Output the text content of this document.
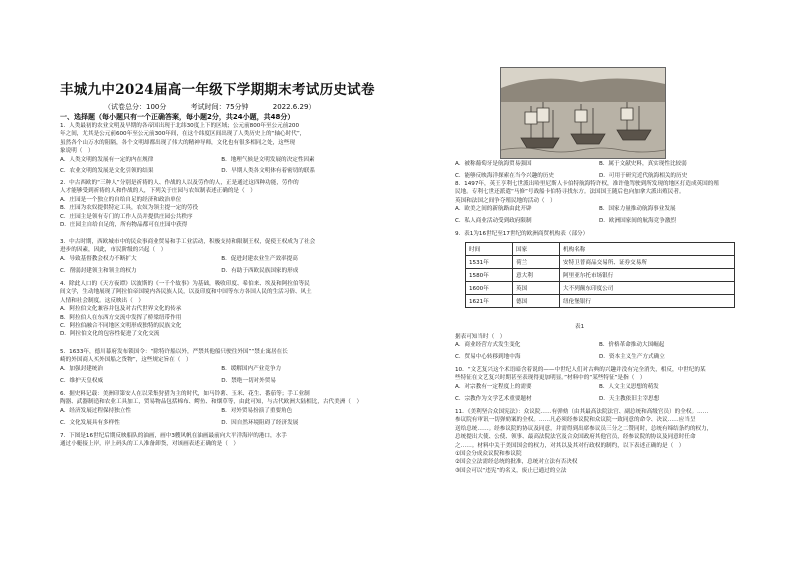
丰城九中2024届高一年级下学期期末考试历史试卷
（试卷总分：100分	考试时间：75分钟	2022.6.29）
一、选择题（每小题只有一个正确答案，每小题2分，共24小题，共48分）
1．人类最初的农业文明及早期的各帝国出现于北纬30度上下的区域；公元前800年至公元前200
年之间，尤其是公元前600年至公元前300年间，在这个纬度区间出现了人类历史上的“轴心时代”，
虽然各个山万水的阻隔，各个文明却都出现了伟大的精神导师，文化也有很多相同之处，这些现
象说明（　）
A．人类文明的发展有一定的内在规律	B．地理气候是文明发展的决定性因素 C．农业文明的发展是文化引领的结果	D．早期人类各文明体有着密切的联系
2．中古西欧的“三种人”分别是祈祷的人、作战的人以及劳作的人，正是通过这四种功能，劳作的
人才能够受到祈祷的人和作战的人，下列关于庄园与农奴制表述正确的是（　）
A．庄园是一个独立的自给自足的经济和政治单位
B．庄园为农奴提供特定工具，农奴为领主提一定的劳役
C．庄园主是领有专门的工作人员并提供庄园公共秩序
D．庄园主自给自足的，所有物品都可在庄园中获得
3．中古时期，西欧城市中的民众事商业贸易和手工业活动，积极支持和限制王权，促使王权成为了社会
进步的因素，因此，市民阶级的兴起（　）
A．导致基督教会权力不断扩大	B．促进封建农业生产效率提高 C．削弱封建领主和领主的权力	D．有助于西欧民族国家的形成
4．除此人口的《天方夜谭》以波斯的《一千个故事》为基础，吸收印度、希伯来、埃及和阿拉伯等民
间文学，生动地展现了阿拉伯帝国境内各民族人民，以及印度和中国等东方各国人民的生活习俗、风土
人情和社会制度。这反映出（　）
A．阿拉伯文化兼容并包及对古代世界文化的传承
B．阿拉伯人在东西方交流中发挥了桥梁纽带作用
C．阿拉伯融合不同地区文明形成独特的民族文化
D．阿拉伯文化的包容性促进了文化交流
5．1633年，德川幕府发布锁国令：“除特许船以外，严禁其他船只驶往外国”“禁止寓居在长
崎的外国商人买外国船之货物”，这些规定旨在（　）
A．加强封建统治	B．缓解国内产业竞争力 C．维护天皇权威	D．禁绝一切对外贸易
6．据史料记载：美洲印第安人在以采集狩猎为主的时代，如马铃薯、玉米、花生、番茄等；手工业制
陶器、武器制造和农业工具加工，贸易物品包括棉布、鳄鱼、和烟草等，由此可知，与古代欧洲大陆相比，古代美洲（　）
A．经济发展过程保持独立性	B．对外贸易扮演了重要角色 C．文化发展具有多样性	D．因自然环境阻碍了经济发展
7．下图是16世纪后期反映船队的油画，画中3艘风帆在油画最前向大平洋海岸的港口，水手
通过小艇接上岸，岸上码头的工人准备卸货，对该画表述正确的是（　）
A．被称葡萄牙是航海贸易强国	B．属于文献史料，真实现性比较弱 C．能够反映海洋探索在当今兴趣的历史	D．可用于研究近代航海相关的历史
8．1497年，英王亨利七世派出哈里尼斯人卡伯特航海特许权，准许他驾驶到所发现的地区打造成英国的殖
民地。专利七世还派遣“马修”号战船卡伯特寻找东方。法国国王随后也向加拿大派出殖民者。
英国和法国之间争夺殖民地的活动（　）
A．欧美之间的新航路由此开辟	B．国家力量推动航海事业发展 C．私人商业活动受到政府限制	D．欧洲国家间的航海竞争激烈
9．表1为16世纪至17世纪的欧洲商贸机构表（部分）
时间	国家	机构名称
1531年	荷兰	安特卫普商品交易所、证券交易所
1580年	意大利	阿里亚尔托市场银行
1600年	英国	大不列颠东印度公司
1621年	德国	纽伦堡银行
表1
据表可知当时（　）
A．商业经营方式发生变化	B．价格革命推动大国崛起 C．贸易中心转移到地中海	D．资本主义生产方式确立
10．“文艺复兴这个术语暗含着说的——中世纪人们对古典的兴趣并没有完全消失，相反，中世纪的某
些特征在文艺复兴时期甚至表现得更加明显。”材料中的“某些特征”是指（　）
A．对宗教有一定程度上的需要	B．人文主义思想的萌发 C．宗教作为文学艺术重要题材	D．天主教依旧主宰思想
11．《美利坚合众国宪法》：众议院……有弹劾（由其最高法院法官、副总统和高级官员）的全权。……
参议院有审讯一切弹劾案的全权。……凡必须经参议院和众议院一致同意的命令、决议……应当呈
送给总统……。经参议院的协议及同意，并需得到出席参议员三分之二赞同时，总统有缔结条约的权力，
总统提出大使、公使、领事、最高法院法官及合众国政府其他官员，经参议院的协议及同意时任命
之……。材料中关于美国国会的权力，对其以及其对行政权的制约，以下表述正确的是（　）
①国会分成众议院和参议院
②国会立法需经总统的批准，总统对立法有否决权
③国会可以“违宪”的名义，废止已通过的立法
